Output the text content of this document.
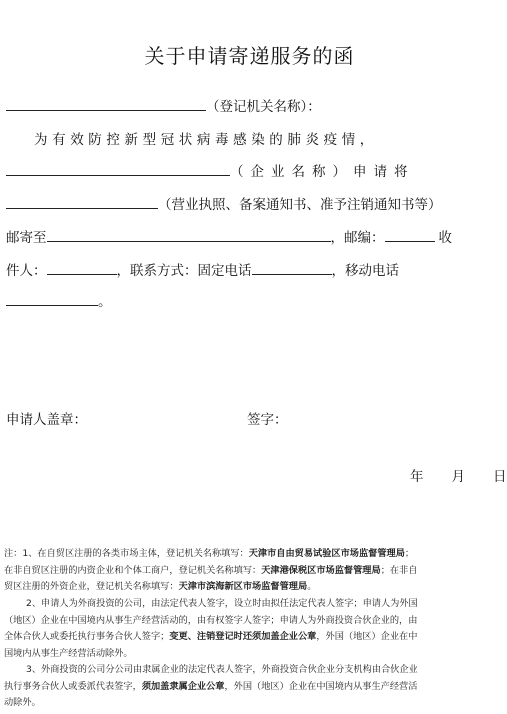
关于申请寄递服务的函
（登记机关名称）：
为有效防控新型冠状病毒感染的肺炎疫情，
（企业名称）申请将
（营业执照、备案通知书、准予注销通知书等）
邮寄至	，邮编：	收
件人：	，联系方式：固定电话	，移动电话
。
申请人盖章：	签字：
年 月 日
注：1、在自贸区注册的各类市场主体，登记机关名称填写：天津市自由贸易试验区市场监督管理局；
在非自贸区注册的内资企业和个体工商户，登记机关名称填写：天津港保税区市场监督管理局；在非自
贸区注册的外资企业，登记机关名称填写：天津市滨海新区市场监督管理局。
2、申请人为外商投资的公司，由法定代表人签字，设立时由拟任法定代表人签字；申请人为外国
（地区）企业在中国境内从事生产经营活动的，由有权签字人签字；申请人为外商投资合伙企业的，由
全体合伙人或委托执行事务合伙人签字；变更、注销登记时还须加盖企业公章，外国（地区）企业在中
国境内从事生产经营活动除外。
3、外商投资的公司分公司由隶属企业的法定代表人签字，外商投资合伙企业分支机构由合伙企业
执行事务合伙人或委派代表签字，须加盖隶属企业公章，外国（地区）企业在中国境内从事生产经营活
动除外。
